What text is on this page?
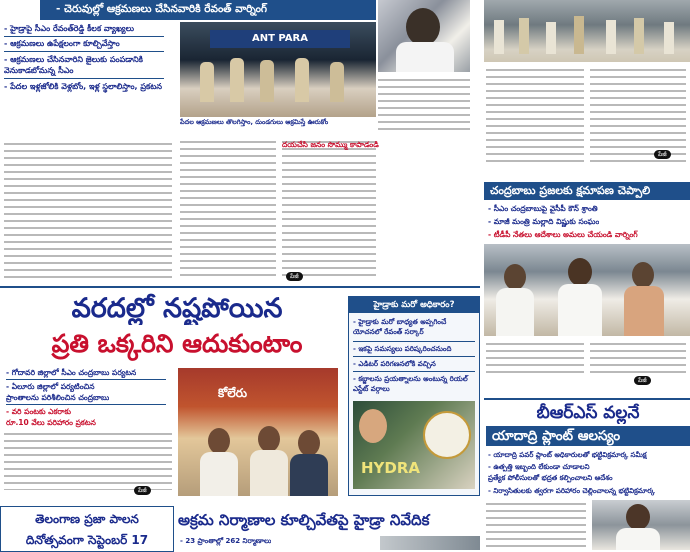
- చెరువుల్లో ఆక్రమణలు చేసినవారికి రేవంత్ వార్నింగ్
- హైడ్రాపై సీఎం రేవంత్‌రెడ్డి కీలక వ్యాఖ్యలు
- ఆక్రమణలు ఉపేక్షలంగా కూల్చివేస్తాం
- ఆక్రమణలు చేసినవారిని జైలుకు పంపడానికి వెనుకాడబోమన్న సీఎం
- పేదల ఇళ్లజోలికి వెళ్లబోం, ఇళ్ల స్థలాలిస్తాం, ప్రకటన
ANT PARA
పేదల ఆక్రమణలు తొలగిస్తాం, దుండగులు ఆక్రమిస్తే ఊరుకోం
దయచేసి జనం సొమ్ము కాపాడండి
చంద్రబాబు ప్రజలకు క్షమాపణ చెప్పాలి
- సీఎం చంద్రబాబుపై వైసీపీ కౌన్ శ్రాంతి
- మాజీ మంత్రి మల్లాది విష్ణుకు సంఘం
- టీడీపీ నేతలు ఆదేశాలు అమలు చేయండి వార్నింగ్
వరదల్లో నష్టపోయిన
ప్రతి ఒక్కరిని ఆదుకుంటాం
- గోదావరి జిల్లాలో సీఎం చంద్రబాబు పర్యటన
- ఏలూరు జిల్లాలో పర్యటించిన
ప్రాంతాలను పరిశీలించిన చంద్రబాబు
- వరి పంటకు ఎకరాకు
రూ.10 వేలు పరిహారం ప్రకటన
కోలేరు
హైడ్రాకు మరో అధికారం?
- హైడ్రాకు మరో బాధ్యత అప్పగించే యోచనలో రేవంత్ సర్కార్
- ఇకపై సమస్యలు పరిష్కరించనుంది
- ఎడిటర్ పరిగణనలోకి వచ్చిన
- కబ్జాలను ప్రయత్నాలను అంటున్న రియల్ ఎస్టేట్ వర్గాలు
HYDRA
బీఆర్ఎస్ వల్లనే
యాదాద్రి ప్లాంట్ ఆలస్యం
- యాదాద్రి పవర్ ప్లాంట్ అధికారులతో భట్టివిక్రమార్క సమీక్ష
- ఉత్పత్తి ఇబ్బంది లేకుండా చూడాలని
ప్రత్యేక పోలీసులతో భద్రత కల్పించాలని ఆదేశం
- నిర్వాసితులకు త్వరగా పరిహారం చెల్లించాలన్న భట్టివిక్రమార్క
తెలంగాణ ప్రజా పాలన
దినోత్సవంగా సెప్టెంబర్ 17
అక్రమ నిర్మాణాల కూల్చివేతపై హైడ్రా నివేదిక
- 23 ప్రాంతాల్లో 262 నిర్మాణాలు
పేజీ
పేజీ
పేజీ
పేజీ
